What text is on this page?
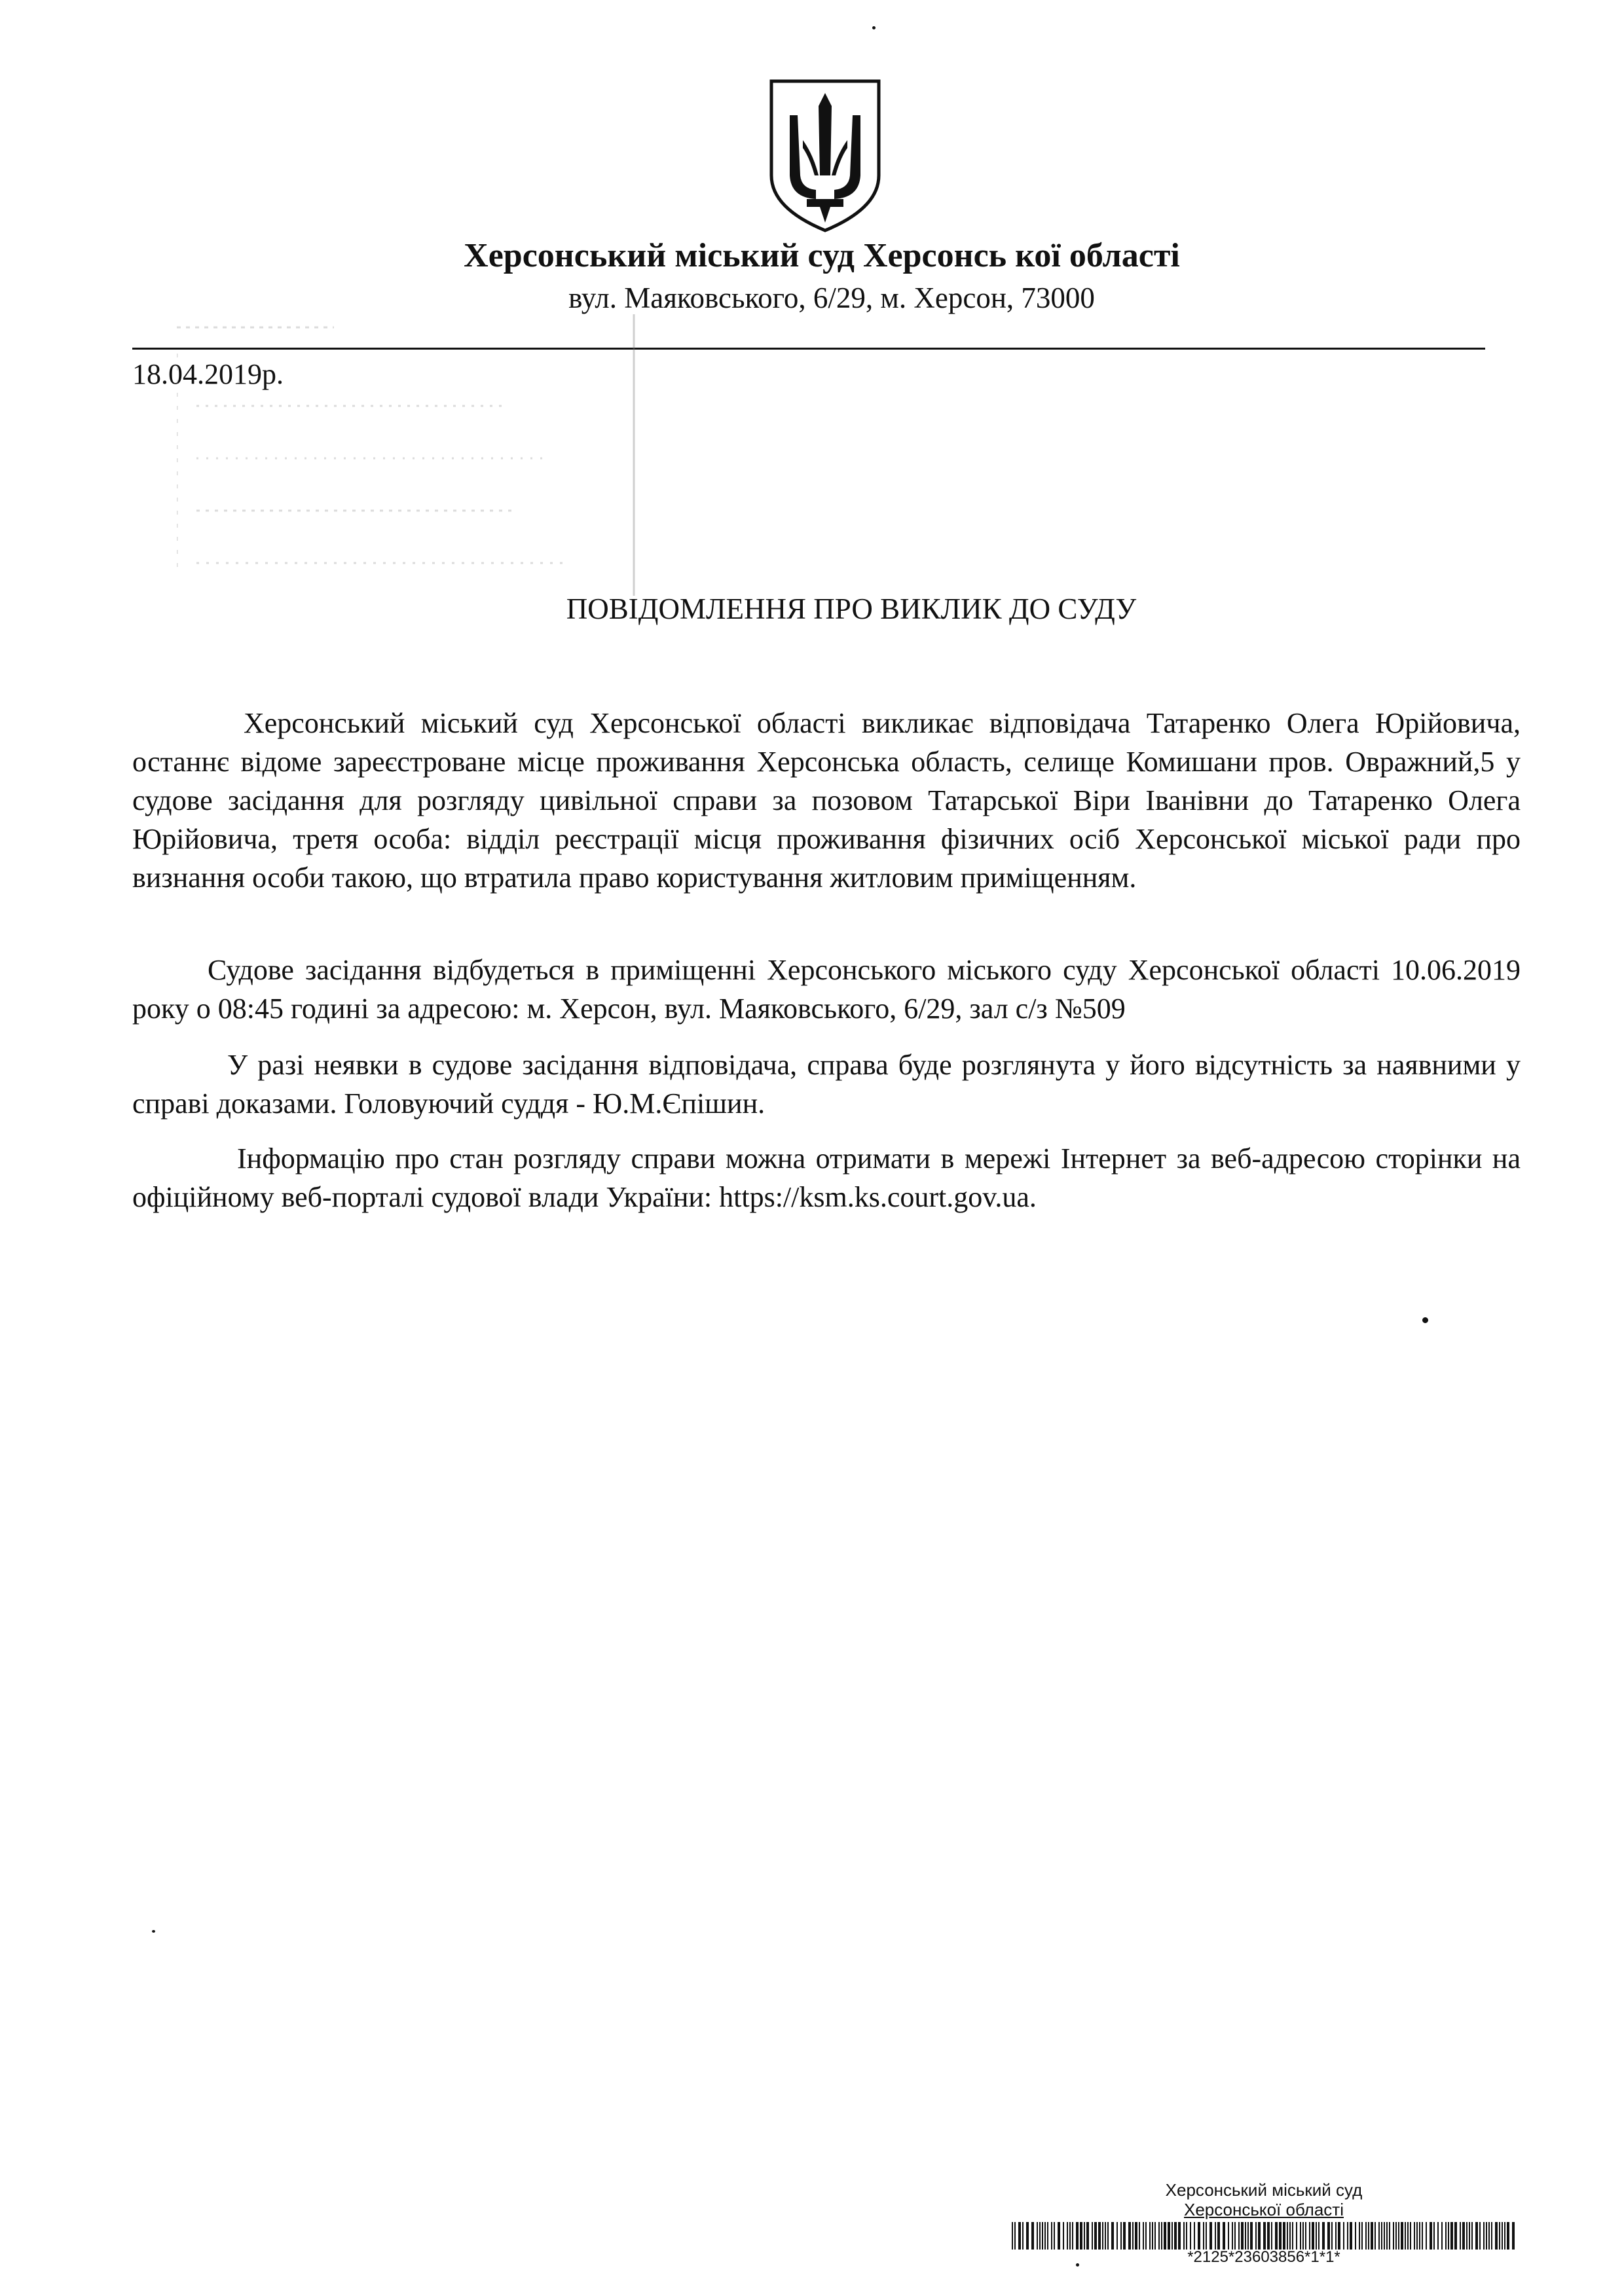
Херсонський міський суд Херсонсь кої області
вул. Маяковського, 6/29, м. Херсон, 73000
18.04.2019р.
ПОВІДОМЛЕННЯ ПРО ВИКЛИК ДО СУДУ

Херсонський міський суд Херсонської області викликає відповідача Татаренко Олега Юрійовича, останнє відоме зареєстроване місце проживання Херсонська область, селище Комишани пров. Овражний,5 у судове засідання для розгляду цивільної справи за позовом Татарської Віри Іванівни до Татаренко Олега Юрійовича, третя особа: відділ реєстрації місця проживання фізичних осіб Херсонської міської ради про визнання особи такою, що втратила право користування житловим приміщенням.

Судове засідання відбудеться в приміщенні Херсонського міського суду Херсонської області 10.06.2019 року о 08:45 годині за адресою: м. Херсон, вул. Маяковського, 6/29, зал с/з №509

У разі неявки в судове засідання відповідача, справа буде розглянута у його відсутність за наявними у справі доказами. Головуючий суддя - Ю.М.Єпішин.

Інформацію про стан розгляду справи можна отримати в мережі Інтернет за веб-адресою сторінки на офіційному веб-порталі судової влади України: https://ksm.ks.court.gov.ua.

Херсонський міський суд
Херсонської області
*2125*23603856*1*1*
